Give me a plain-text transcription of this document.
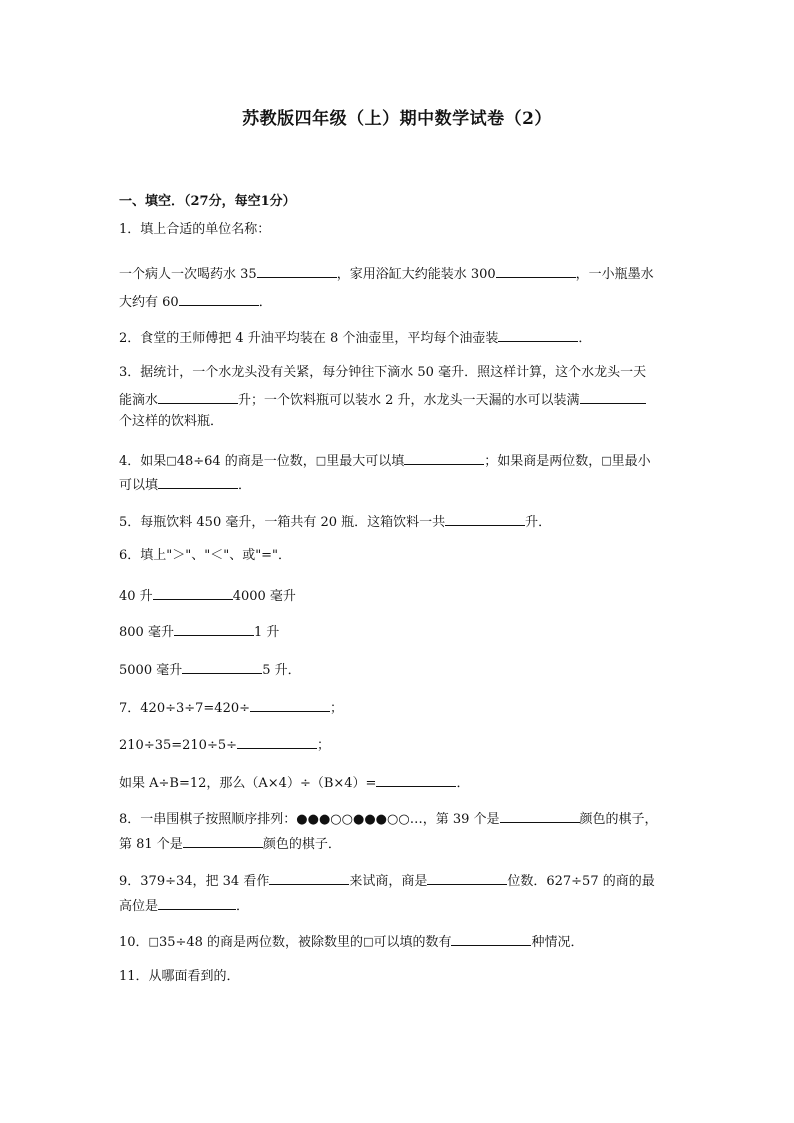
苏教版四年级（上）期中数学试卷（2）
一、填空．（27分，每空1分）
1．填上合适的单位名称：
一个病人一次喝药水 35	，家用浴缸大约能装水 300	，一小瓶墨水
大约有 60	．
2．食堂的王师傅把 4 升油平均装在 8 个油壶里，平均每个油壶装	．
3．据统计，一个水龙头没有关紧，每分钟往下滴水 50 毫升．照这样计算，这个水龙头一天
能滴水	升；一个饮料瓶可以装水 2 升，水龙头一天漏的水可以装满
个这样的饮料瓶．
4．如果□48÷64 的商是一位数，□里最大可以填	；如果商是两位数，□里最小
可以填	．
5．每瓶饮料 450 毫升，一箱共有 20 瓶．这箱饮料一共	升．
6．填上"＞"、"＜"、或"="．
40 升	4000 毫升
800 毫升	1 升
5000 毫升	5 升．
7．420÷3÷7=420÷	；
210÷35=210÷5÷	；
如果 A÷B=12，那么（A×4）÷（B×4）=	．
8．一串围棋子按照顺序排列：●●●○○●●●○○…，第 39 个是	颜色的棋子，
第 81 个是	颜色的棋子．
9．379÷34，把 34 看作	来试商，商是	位数．627÷57 的商的最
高位是	．
10．□35÷48 的商是两位数，被除数里的□可以填的数有	种情况．
11．从哪面看到的．
